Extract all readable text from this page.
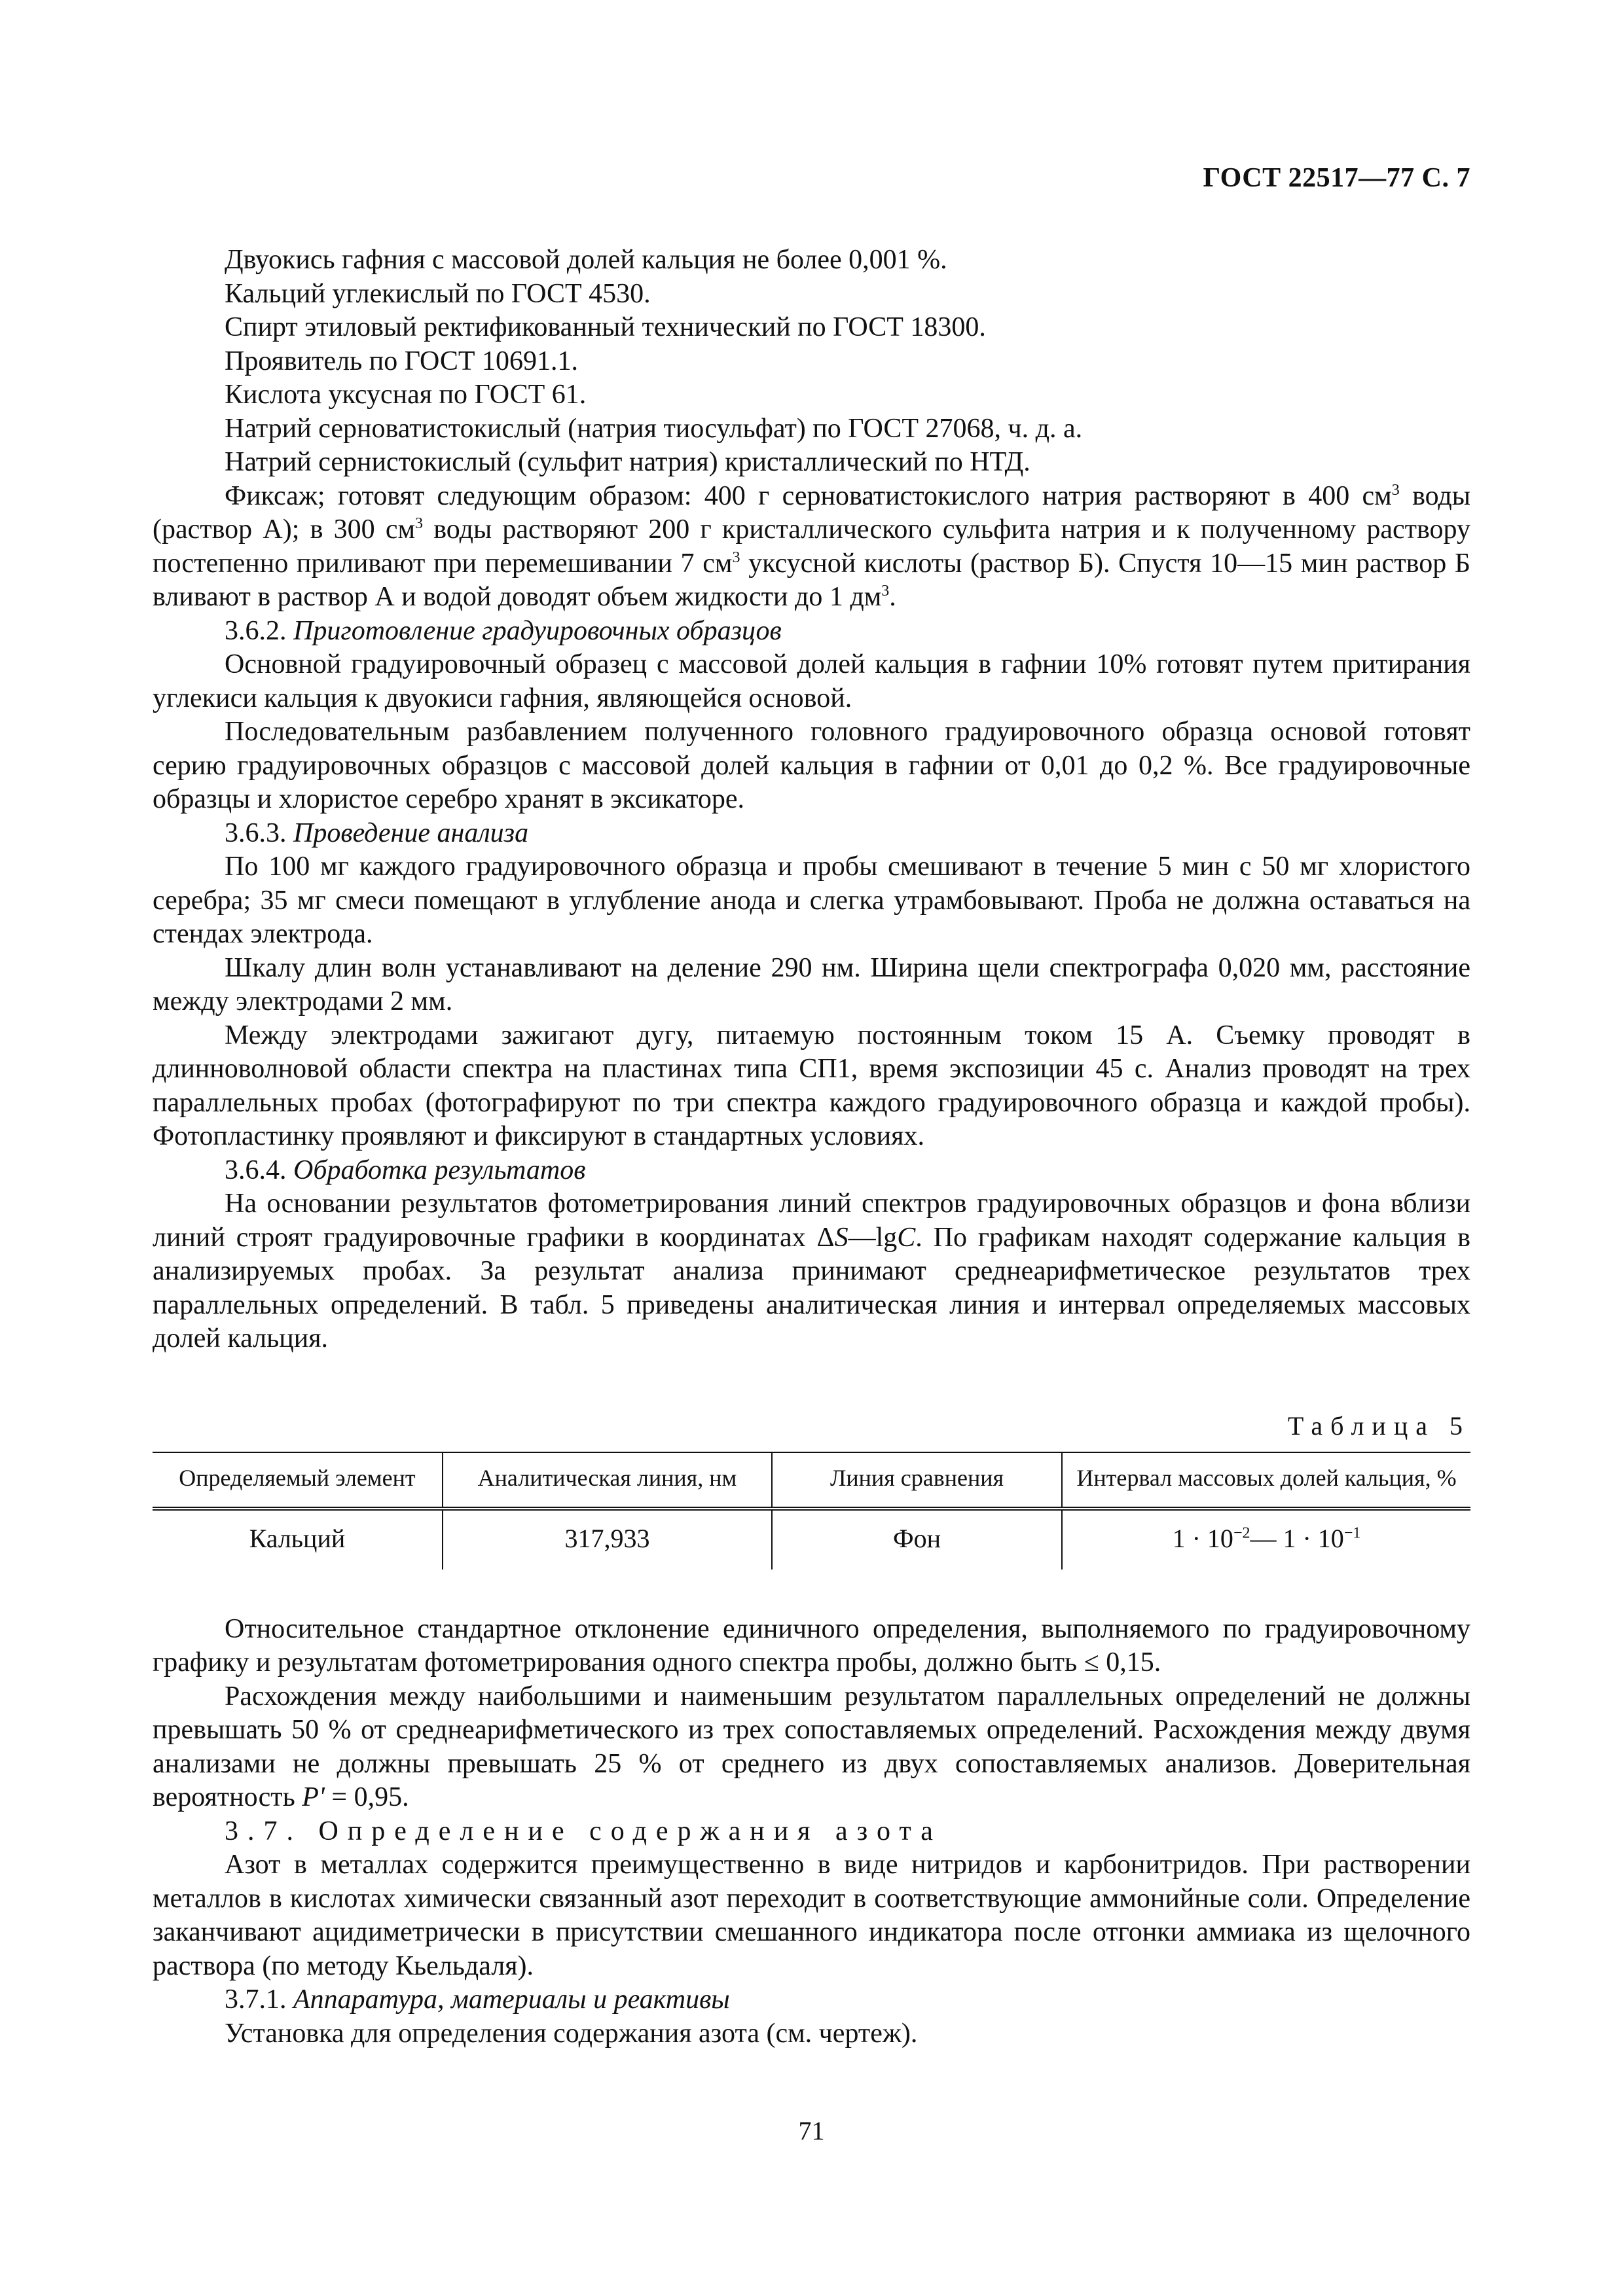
ГОСТ 22517—77 С. 7

Двуокись гафния с массовой долей кальция не более 0,001 %.

Кальций углекислый по ГОСТ 4530.

Спирт этиловый ректификованный технический по ГОСТ 18300.

Проявитель по ГОСТ 10691.1.

Кислота уксусная по ГОСТ 61.

Натрий серноватистокислый (натрия тиосульфат) по ГОСТ 27068, ч. д. а.

Натрий сернистокислый (сульфит натрия) кристаллический по НТД.

Фиксаж; готовят следующим образом: 400 г серноватистокислого натрия растворяют в 400 $см^3$ воды (раствор А); в 300 $см^3$ воды растворяют 200 г кристаллического сульфита натрия и к полученному раствору постепенно приливают при перемешивании 7 $см^3$ уксусной кислоты (раствор Б). Спустя 10—15 мин раствор Б вливают в раствор А и водой доводят объем жидкости до 1 $дм^3$.

3.6.2. Приготовление градуировочных образцов

Основной градуировочный образец с массовой долей кальция в гафнии 10% готовят путем притирания углекиси кальция к двуокиси гафния, являющейся основой.

Последовательным разбавлением полученного головного градуировочного образца основой готовят серию градуировочных образцов с массовой долей кальция в гафнии от 0,01 до 0,2 %. Все градуировочные образцы и хлористое серебро хранят в эксикаторе.

3.6.3. Проведение анализа

По 100 мг каждого градуировочного образца и пробы смешивают в течение 5 мин с 50 мг хлористого серебра; 35 мг смеси помещают в углубление анода и слегка утрамбовывают. Проба не должна оставаться на стендах электрода.

Шкалу длин волн устанавливают на деление 290 нм. Ширина щели спектрографа 0,020 мм, расстояние между электродами 2 мм.

Между электродами зажигают дугу, питаемую постоянным током 15 А. Съемку проводят в длинноволновой области спектра на пластинах типа СП1, время экспозиции 45 с. Анализ проводят на трех параллельных пробах (фотографируют по три спектра каждого градуировочного образца и каждой пробы). Фотопластинку проявляют и фиксируют в стандартных условиях.

3.6.4. Обработка результатов

На основании результатов фотометрирования линий спектров градуировочных образцов и фона вблизи линий строят градуировочные графики в координатах ΔS—lgC. По графикам находят содержание кальция в анализируемых пробах. За результат анализа принимают среднеарифметическое результатов трех параллельных определений. В табл. 5 приведены аналитическая линия и интервал определяемых массовых долей кальция.

Таблица 5
Определяемый элемент	Аналитическая линия, нм	Линия сравнения	Интервал массовых долей кальция, %
Кальций	317,933	Фон	$1 \cdot 10^{-2}—$ $1 \cdot 10^{-1}$

Относительное стандартное отклонение единичного определения, выполняемого по градуировочному графику и результатам фотометрирования одного спектра пробы, должно быть ≤ 0,15.

Расхождения между наибольшими и наименьшим результатом параллельных определений не должны превышать 50 % от среднеарифметического из трех сопоставляемых определений. Расхождения между двумя анализами не должны превышать 25 % от среднего из двух сопоставляемых анализов. Доверительная вероятность P' = 0,95.

3.7. Определение содержания азота

Азот в металлах содержится преимущественно в виде нитридов и карбонитридов. При растворении металлов в кислотах химически связанный азот переходит в соответствующие аммонийные соли. Определение заканчивают ацидиметрически в присутствии смешанного индикатора после отгонки аммиака из щелочного раствора (по методу Кьельдаля).

3.7.1. Аппаратура, материалы и реактивы

Установка для определения содержания азота (см. чертеж).

71
